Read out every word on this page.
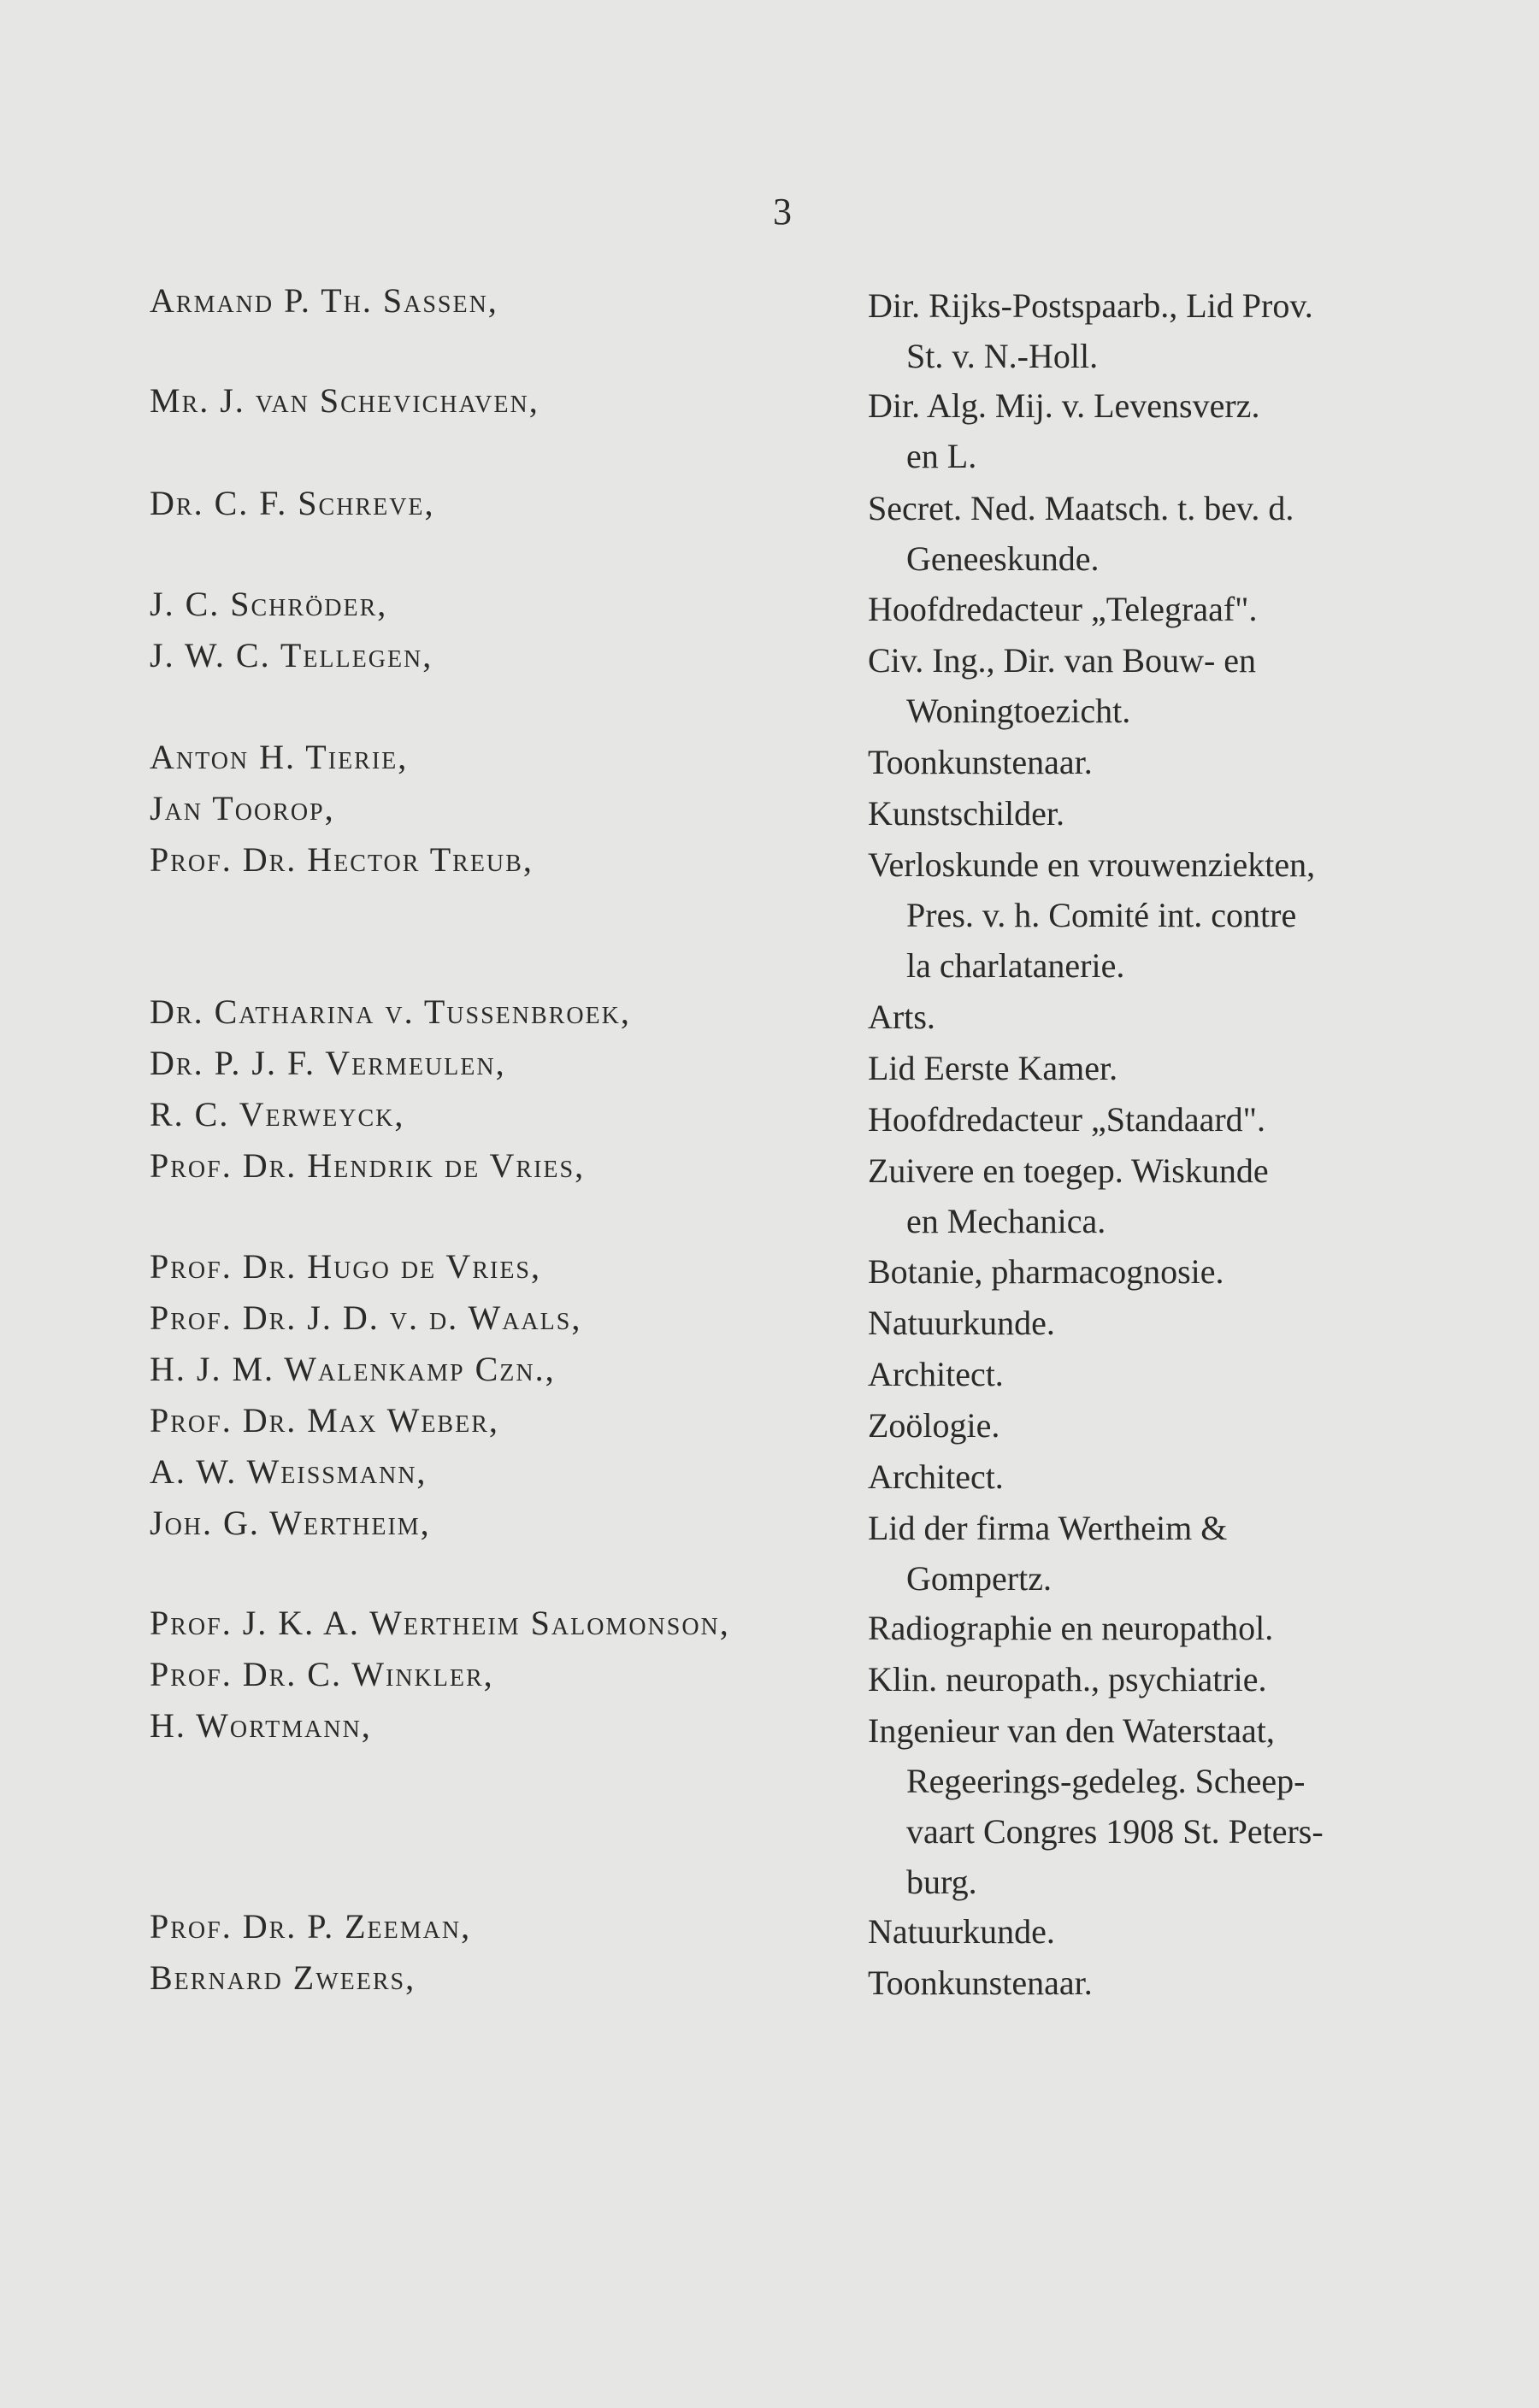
3
Armand P. Th. Sassen,	Dir. Rijks-Postspaarb., Lid Prov.
St. v. N.-Holl.
Mr. J. van Schevichaven,	Dir. Alg. Mij. v. Levensverz.
en L.
Dr. C. F. Schreve,	Secret. Ned. Maatsch. t. bev. d.
Geneeskunde.
J. C. Schröder,	Hoofdredacteur „Telegraaf".
J. W. C. Tellegen,	Civ. Ing., Dir. van Bouw- en
Woningtoezicht.
Anton H. Tierie,	Toonkunstenaar.
Jan Toorop,	Kunstschilder.
Prof. Dr. Hector Treub,	Verloskunde en vrouwenziekten,
Pres. v. h. Comité int. contre
la charlatanerie.
Dr. Catharina v. Tussenbroek,	Arts.
Dr. P. J. F. Vermeulen,	Lid Eerste Kamer.
R. C. Verweyck,	Hoofdredacteur „Standaard".
Prof. Dr. Hendrik de Vries,	Zuivere en toegep. Wiskunde
en Mechanica.
Prof. Dr. Hugo de Vries,	Botanie, pharmacognosie.
Prof. Dr. J. D. v. d. Waals,	Natuurkunde.
H. J. M. Walenkamp Czn.,	Architect.
Prof. Dr. Max Weber,	Zoölogie.
A. W. Weissmann,	Architect.
Joh. G. Wertheim,	Lid der firma Wertheim &
Gompertz.
Prof. J. K. A. Wertheim Salomonson,	Radiographie en neuropathol.
Prof. Dr. C. Winkler,	Klin. neuropath., psychiatrie.
H. Wortmann,	Ingenieur van den Waterstaat,
Regeerings-gedeleg. Scheep-
vaart Congres 1908 St. Peters-
burg.
Prof. Dr. P. Zeeman,	Natuurkunde.
Bernard Zweers,	Toonkunstenaar.
